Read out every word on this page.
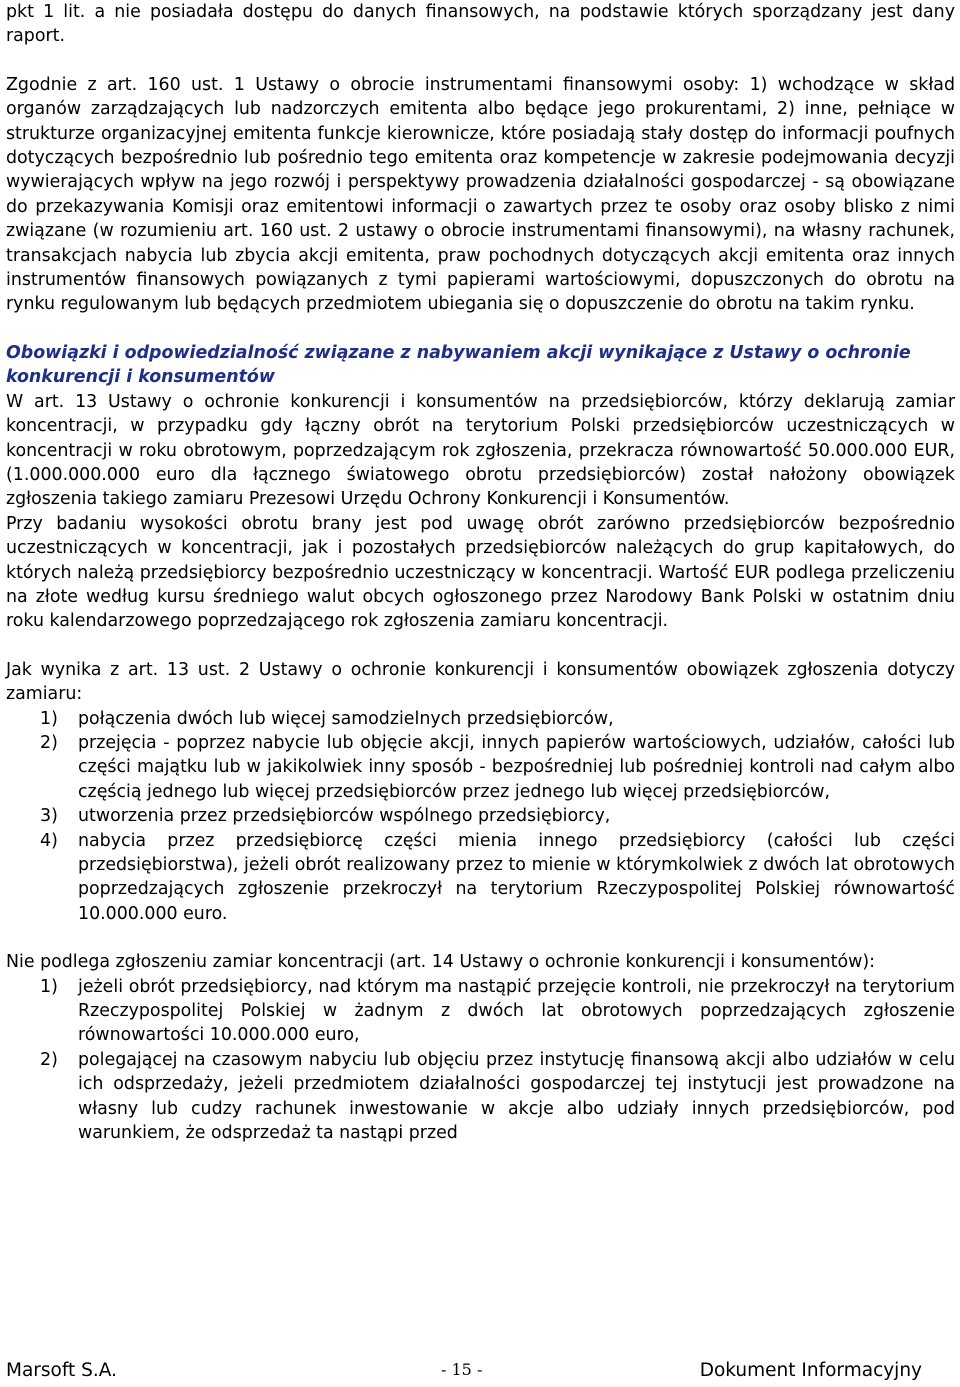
pkt 1 lit. a nie posiadała dostępu do danych finansowych, na podstawie których sporządzany jest dany raport.

Zgodnie z art. 160 ust. 1 Ustawy o obrocie instrumentami finansowymi osoby: 1) wchodzące w skład organów zarządzających lub nadzorczych emitenta albo będące jego prokurentami, 2) inne, pełniące w strukturze organizacyjnej emitenta funkcje kierownicze, które posiadają stały dostęp do informacji poufnych dotyczących bezpośrednio lub pośrednio tego emitenta oraz kompetencje w zakresie podejmowania decyzji wywierających wpływ na jego rozwój i perspektywy prowadzenia działalności gospodarczej - są obowiązane do przekazywania Komisji oraz emitentowi informacji o zawartych przez te osoby oraz osoby blisko z nimi związane (w rozumieniu art. 160 ust. 2 ustawy o obrocie instrumentami finansowymi), na własny rachunek, transakcjach nabycia lub zbycia akcji emitenta, praw pochodnych dotyczących akcji emitenta oraz innych instrumentów finansowych powiązanych z tymi papierami wartościowymi, dopuszczonych do obrotu na rynku regulowanym lub będących przedmiotem ubiegania się o dopuszczenie do obrotu na takim rynku.

Obowiązki i odpowiedzialność związane z nabywaniem akcji wynikające z Ustawy o ochronie konkurencji i konsumentów

W art. 13 Ustawy o ochronie konkurencji i konsumentów na przedsiębiorców, którzy deklarują zamiar koncentracji, w przypadku gdy łączny obrót na terytorium Polski przedsiębiorców uczestniczących w koncentracji w roku obrotowym, poprzedzającym rok zgłoszenia, przekracza równowartość 50.000.000 EUR, (1.000.000.000 euro dla łącznego światowego obrotu przedsiębiorców) został nałożony obowiązek zgłoszenia takiego zamiaru Prezesowi Urzędu Ochrony Konkurencji i Konsumentów.

Przy badaniu wysokości obrotu brany jest pod uwagę obrót zarówno przedsiębiorców bezpośrednio uczestniczących w koncentracji, jak i pozostałych przedsiębiorców należących do grup kapitałowych, do których należą przedsiębiorcy bezpośrednio uczestniczący w koncentracji. Wartość EUR podlega przeliczeniu na złote według kursu średniego walut obcych ogłoszonego przez Narodowy Bank Polski w ostatnim dniu roku kalendarzowego poprzedzającego rok zgłoszenia zamiaru koncentracji.

Jak wynika z art. 13 ust. 2 Ustawy o ochronie konkurencji i konsumentów obowiązek zgłoszenia dotyczy zamiaru:

1) połączenia dwóch lub więcej samodzielnych przedsiębiorców,
2) przejęcia - poprzez nabycie lub objęcie akcji, innych papierów wartościowych, udziałów, całości lub części majątku lub w jakikolwiek inny sposób - bezpośredniej lub pośredniej kontroli nad całym albo częścią jednego lub więcej przedsiębiorców przez jednego lub więcej przedsiębiorców,
3) utworzenia przez przedsiębiorców wspólnego przedsiębiorcy,
4) nabycia przez przedsiębiorcę części mienia innego przedsiębiorcy (całości lub części przedsiębiorstwa), jeżeli obrót realizowany przez to mienie w którymkolwiek z dwóch lat obrotowych poprzedzających zgłoszenie przekroczył na terytorium Rzeczypospolitej Polskiej równowartość 10.000.000 euro.

Nie podlega zgłoszeniu zamiar koncentracji (art. 14 Ustawy o ochronie konkurencji i konsumentów):

1) jeżeli obrót przedsiębiorcy, nad którym ma nastąpić przejęcie kontroli, nie przekroczył na terytorium Rzeczypospolitej Polskiej w żadnym z dwóch lat obrotowych poprzedzających zgłoszenie równowartości 10.000.000 euro,
2) polegającej na czasowym nabyciu lub objęciu przez instytucję finansową akcji albo udziałów w celu ich odsprzedaży, jeżeli przedmiotem działalności gospodarczej tej instytucji jest prowadzone na własny lub cudzy rachunek inwestowanie w akcje albo udziały innych przedsiębiorców, pod warunkiem, że odsprzedaż ta nastąpi przed
Marsoft S.A.	- 15 -	Dokument Informacyjny
